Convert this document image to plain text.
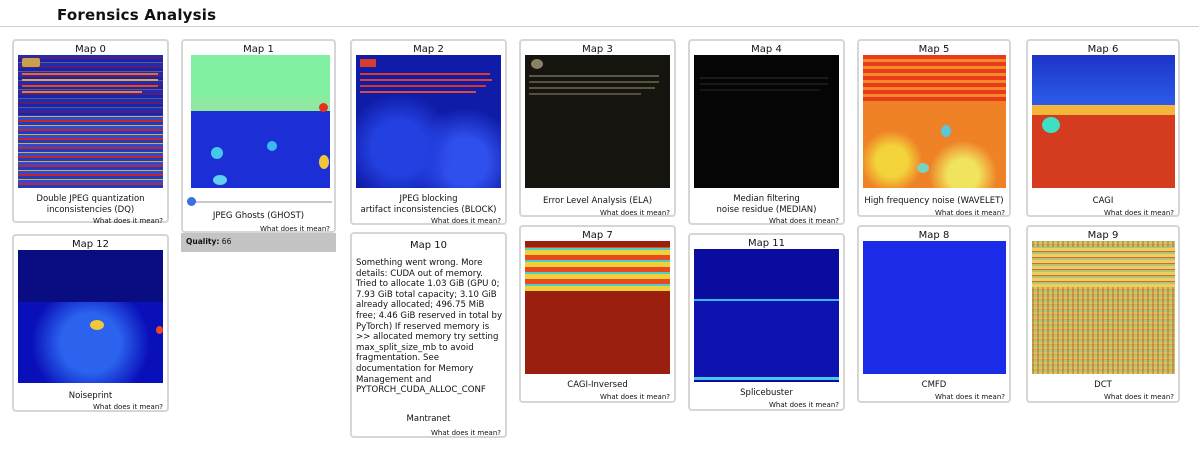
Forensics Analysis
Map 0
Double JPEG quantization
inconsistencies (DQ)
What does it mean?
Map 1
JPEG Ghosts (GHOST)
What does it mean?
Quality: 66
Map 2
JPEG blocking
artifact inconsistencies (BLOCK)
What does it mean?
Map 3
Error Level Analysis (ELA)
What does it mean?
Map 4
Median filtering
noise residue (MEDIAN)
What does it mean?
Map 5
High frequency noise (WAVELET)
What does it mean?
Map 6
CAGI
What does it mean?
Map 12
Noiseprint
What does it mean?
Map 10
Something went wrong. More details: CUDA out of memory. Tried to allocate 1.03 GiB (GPU 0; 7.93 GiB total capacity; 3.10 GiB already allocated; 496.75 MiB free; 4.46 GiB reserved in total by PyTorch) If reserved memory is >> allocated memory try setting max_split_size_mb to avoid fragmentation. See documentation for Memory Management and PYTORCH_CUDA_ALLOC_CONF
Mantranet
What does it mean?
Map 7
CAGI-Inversed
What does it mean?
Map 11
Splicebuster
What does it mean?
Map 8
CMFD
What does it mean?
Map 9
DCT
What does it mean?
